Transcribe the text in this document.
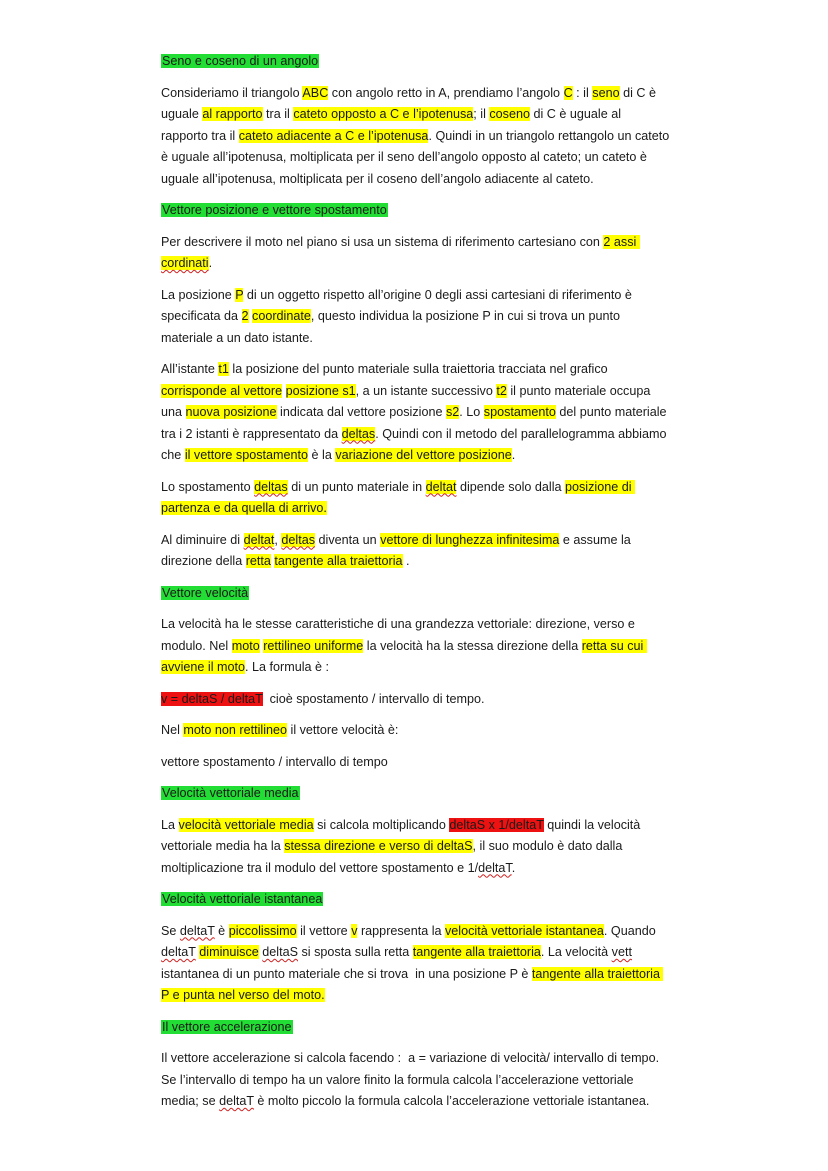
Seno e coseno di un angolo
Consideriamo il triangolo ABC con angolo retto in A, prendiamo l’angolo C : il seno di C è uguale al rapporto tra il cateto opposto a C e l’ipotenusa; il coseno di C è uguale al rapporto tra il cateto adiacente a C e l’ipotenusa. Quindi in un triangolo rettangolo un cateto è uguale all’ipotenusa, moltiplicata per il seno dell’angolo opposto al cateto; un cateto è uguale all’ipotenusa, moltiplicata per il coseno dell’angolo adiacente al cateto.
Vettore posizione e vettore spostamento
Per descrivere il moto nel piano si usa un sistema di riferimento cartesiano con 2 assi cordinati.
La posizione P di un oggetto rispetto all’origine 0 degli assi cartesiani di riferimento è specificata da 2 coordinate, questo individua la posizione P in cui si trova un punto materiale a un dato istante.
All’istante t1 la posizione del punto materiale sulla traiettoria tracciata nel grafico corrisponde al vettore posizione s1, a un istante successivo t2 il punto materiale occupa una nuova posizione indicata dal vettore posizione s2. Lo spostamento del punto materiale tra i 2 istanti è rappresentato da deltas. Quindi con il metodo del parallelogramma abbiamo che il vettore spostamento è la variazione del vettore posizione.
Lo spostamento deltas di un punto materiale in deltat dipende solo dalla posizione di partenza e da quella di arrivo.
Al diminuire di deltat, deltas diventa un vettore di lunghezza infinitesima e assume la direzione della retta tangente alla traiettoria .
Vettore velocità
La velocità ha le stesse caratteristiche di una grandezza vettoriale: direzione, verso e modulo. Nel moto rettilineo uniforme la velocità ha la stessa direzione della retta su cui avviene il moto. La formula è :
v = deltaS / deltaT  cioè spostamento / intervallo di tempo.
Nel moto non rettilineo il vettore velocità è:
vettore spostamento / intervallo di tempo
Velocità vettoriale media
La velocità vettoriale media si calcola moltiplicando deltaS x 1/deltaT quindi la velocità vettoriale media ha la stessa direzione e verso di deltaS, il suo modulo è dato dalla moltiplicazione tra il modulo del vettore spostamento e 1/deltaT.
Velocità vettoriale istantanea
Se deltaT è piccolissimo il vettore v rappresenta la velocità vettoriale istantanea. Quando deltaT diminuisce deltaS si sposta sulla retta tangente alla traiettoria. La velocità vett istantanea di un punto materiale che si trova  in una posizione P è tangente alla traiettoria P e punta nel verso del moto.
Il vettore accelerazione
Il vettore accelerazione si calcola facendo :  a = variazione di velocità/ intervallo di tempo. Se l’intervallo di tempo ha un valore finito la formula calcola l’accelerazione vettoriale media; se deltaT è molto piccolo la formula calcola l’accelerazione vettoriale istantanea.
